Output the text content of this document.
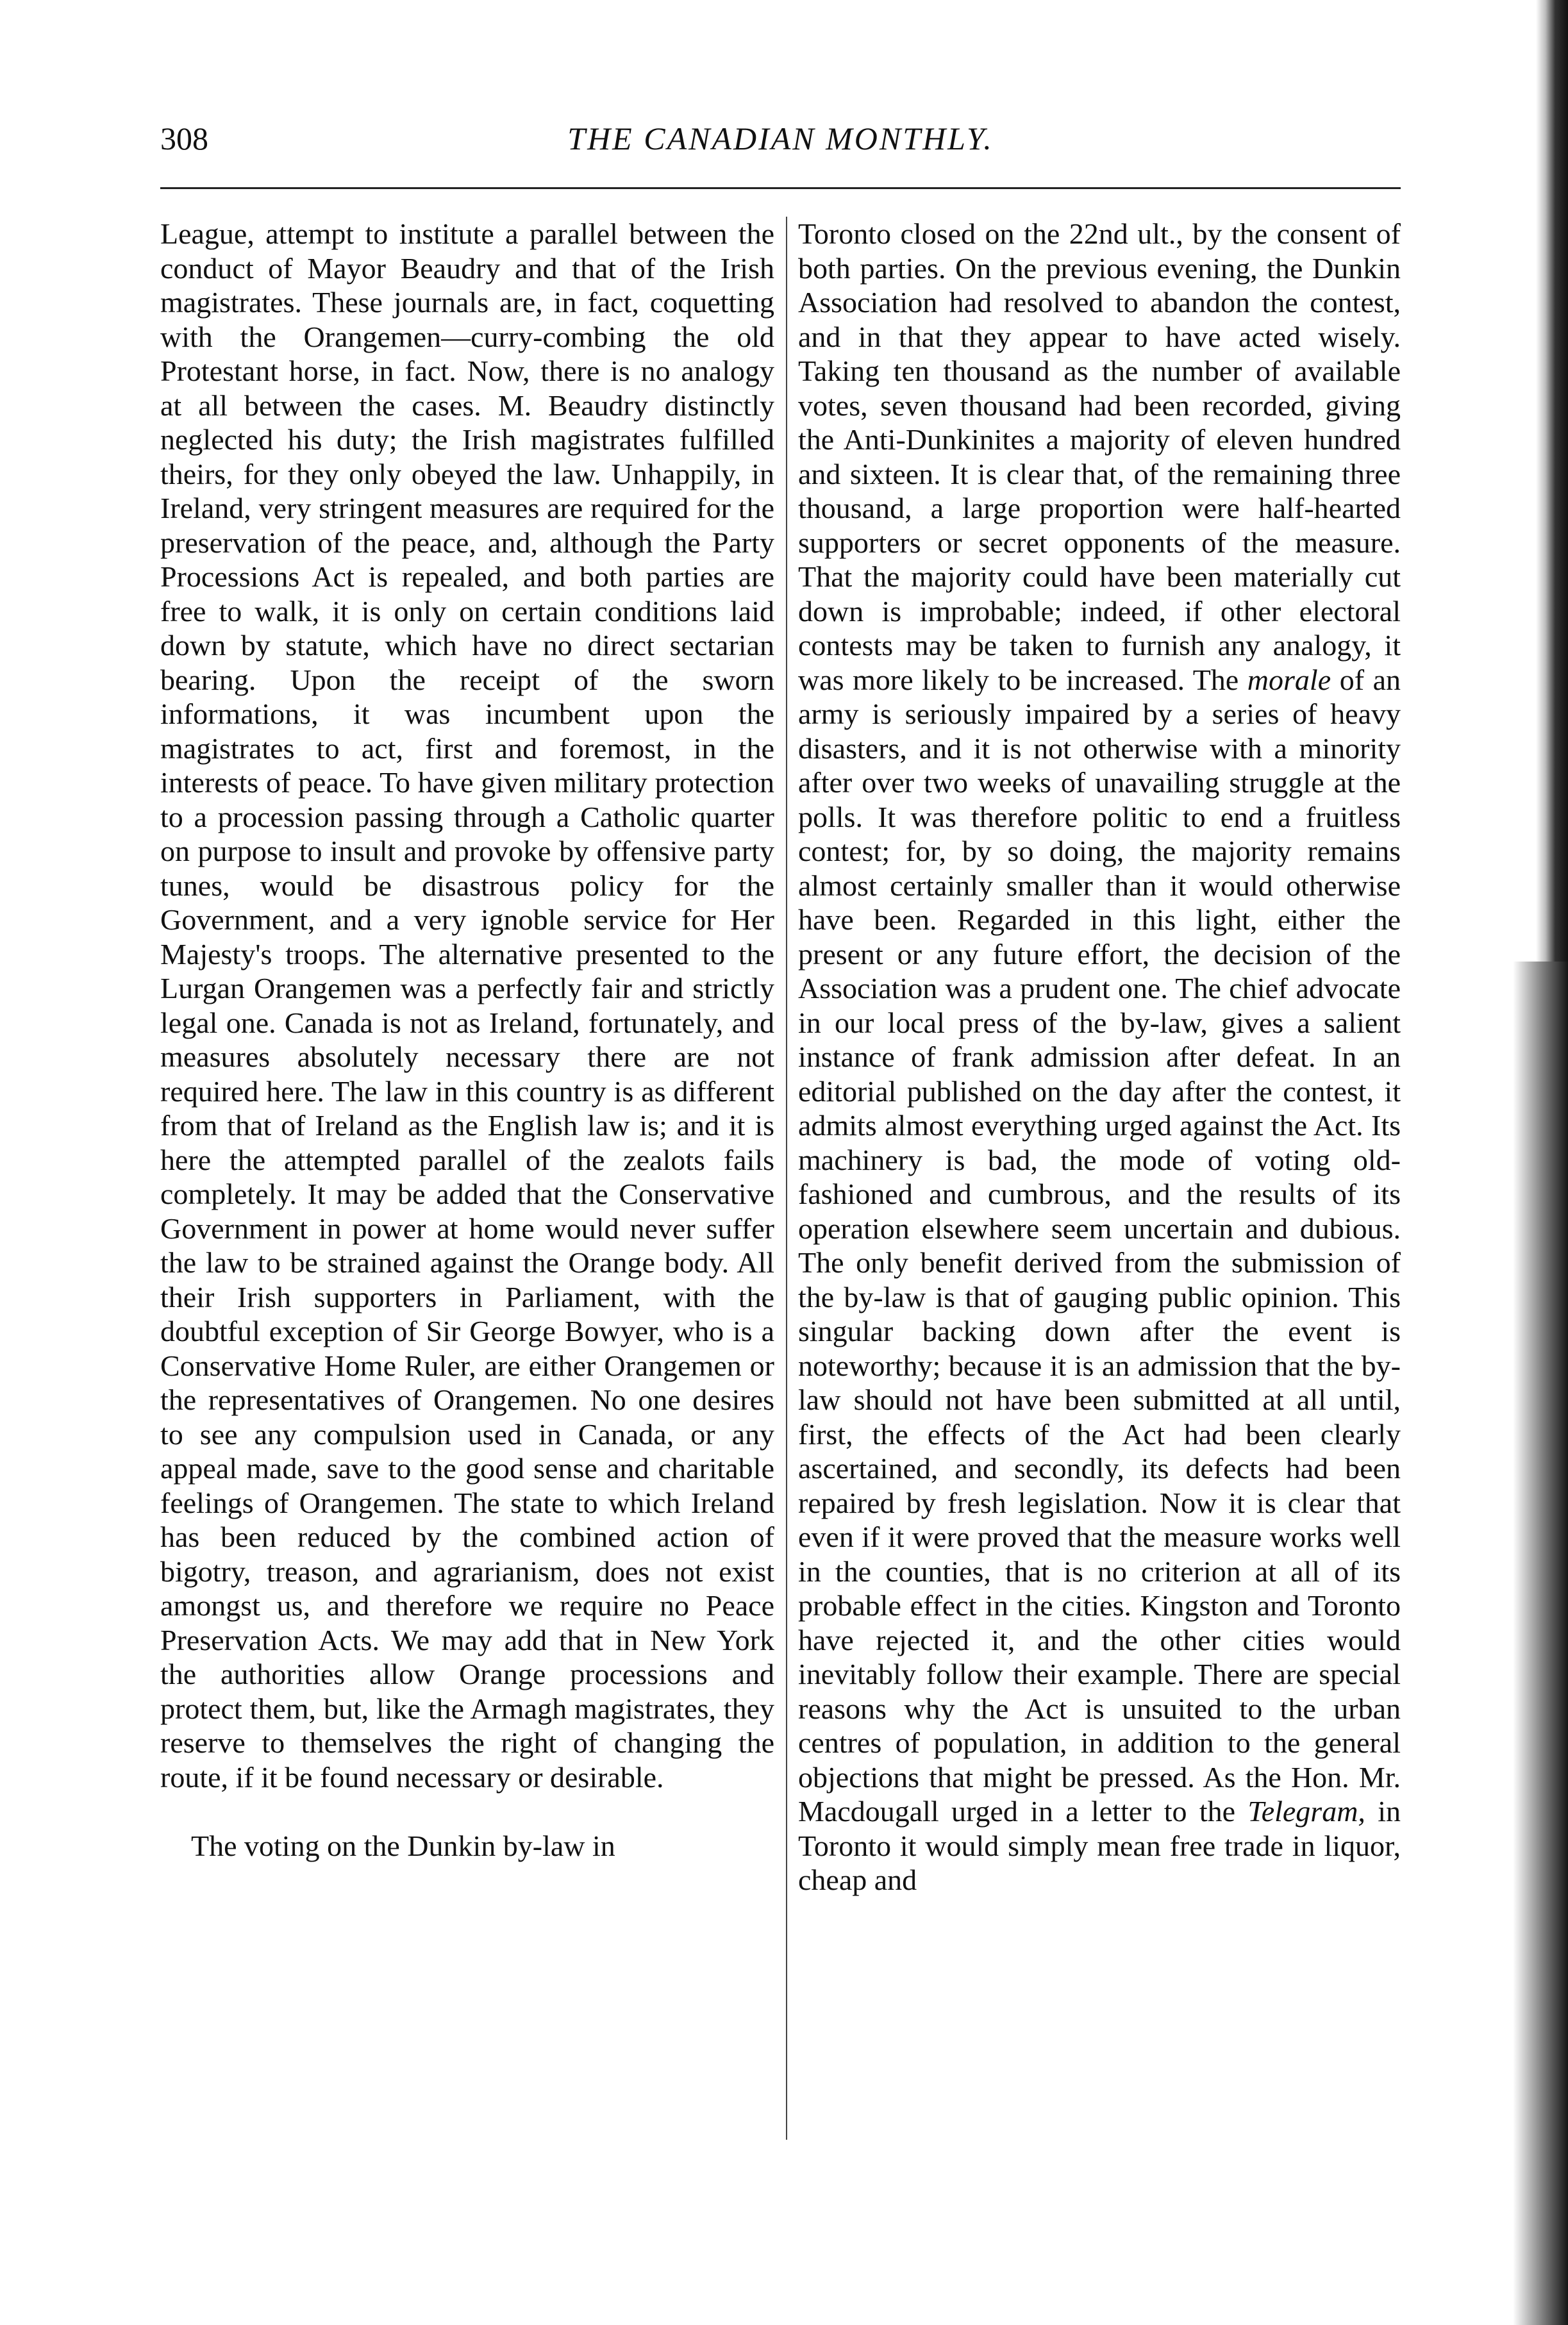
308	THE CANADIAN MONTHLY.

League, attempt to institute a parallel between the conduct of Mayor Beaudry and that of the Irish magistrates. These journals are, in fact, coquetting with the Orangemen—curry-combing the old Protestant horse, in fact. Now, there is no analogy at all between the cases. M. Beaudry distinctly neglected his duty; the Irish magistrates fulfilled theirs, for they only obeyed the law. Unhappily, in Ireland, very stringent measures are required for the preservation of the peace, and, although the Party Processions Act is repealed, and both parties are free to walk, it is only on certain conditions laid down by statute, which have no direct sectarian bearing. Upon the receipt of the sworn informations, it was incumbent upon the magistrates to act, first and foremost, in the interests of peace. To have given military protection to a procession passing through a Catholic quarter on purpose to insult and provoke by offensive party tunes, would be disastrous policy for the Government, and a very ignoble service for Her Majesty's troops. The alternative presented to the Lurgan Orangemen was a perfectly fair and strictly legal one. Canada is not as Ireland, fortunately, and measures absolutely necessary there are not required here. The law in this country is as different from that of Ireland as the English law is; and it is here the attempted parallel of the zealots fails completely. It may be added that the Conservative Government in power at home would never suffer the law to be strained against the Orange body. All their Irish supporters in Parliament, with the doubtful exception of Sir George Bowyer, who is a Conservative Home Ruler, are either Orangemen or the representatives of Orangemen. No one desires to see any compulsion used in Canada, or any appeal made, save to the good sense and charitable feelings of Orangemen. The state to which Ireland has been reduced by the combined action of bigotry, treason, and agrarianism, does not exist amongst us, and therefore we require no Peace Preservation Acts. We may add that in New York the authorities allow Orange processions and protect them, but, like the Armagh magistrates, they reserve to themselves the right of changing the route, if it be found necessary or desirable.

The voting on the Dunkin by-law in

Toronto closed on the 22nd ult., by the consent of both parties. On the previous evening, the Dunkin Association had resolved to abandon the contest, and in that they appear to have acted wisely. Taking ten thousand as the number of available votes, seven thousand had been recorded, giving the Anti-Dunkinites a majority of eleven hundred and sixteen. It is clear that, of the remaining three thousand, a large proportion were half-hearted supporters or secret opponents of the measure. That the majority could have been materially cut down is improbable; indeed, if other electoral contests may be taken to furnish any analogy, it was more likely to be increased. The morale of an army is seriously impaired by a series of heavy disasters, and it is not otherwise with a minority after over two weeks of unavailing struggle at the polls. It was therefore politic to end a fruitless contest; for, by so doing, the majority remains almost certainly smaller than it would otherwise have been. Regarded in this light, either the present or any future effort, the decision of the Association was a prudent one. The chief advocate in our local press of the by-law, gives a salient instance of frank admission after defeat. In an editorial published on the day after the contest, it admits almost everything urged against the Act. Its machinery is bad, the mode of voting old-fashioned and cumbrous, and the results of its operation elsewhere seem uncertain and dubious. The only benefit derived from the submission of the by-law is that of gauging public opinion. This singular backing down after the event is noteworthy; because it is an admission that the by-law should not have been submitted at all until, first, the effects of the Act had been clearly ascertained, and secondly, its defects had been repaired by fresh legislation. Now it is clear that even if it were proved that the measure works well in the counties, that is no criterion at all of its probable effect in the cities. Kingston and Toronto have rejected it, and the other cities would inevitably follow their example. There are special reasons why the Act is unsuited to the urban centres of population, in addition to the general objections that might be pressed. As the Hon. Mr. Macdougall urged in a letter to the Telegram, in Toronto it would simply mean free trade in liquor, cheap and
